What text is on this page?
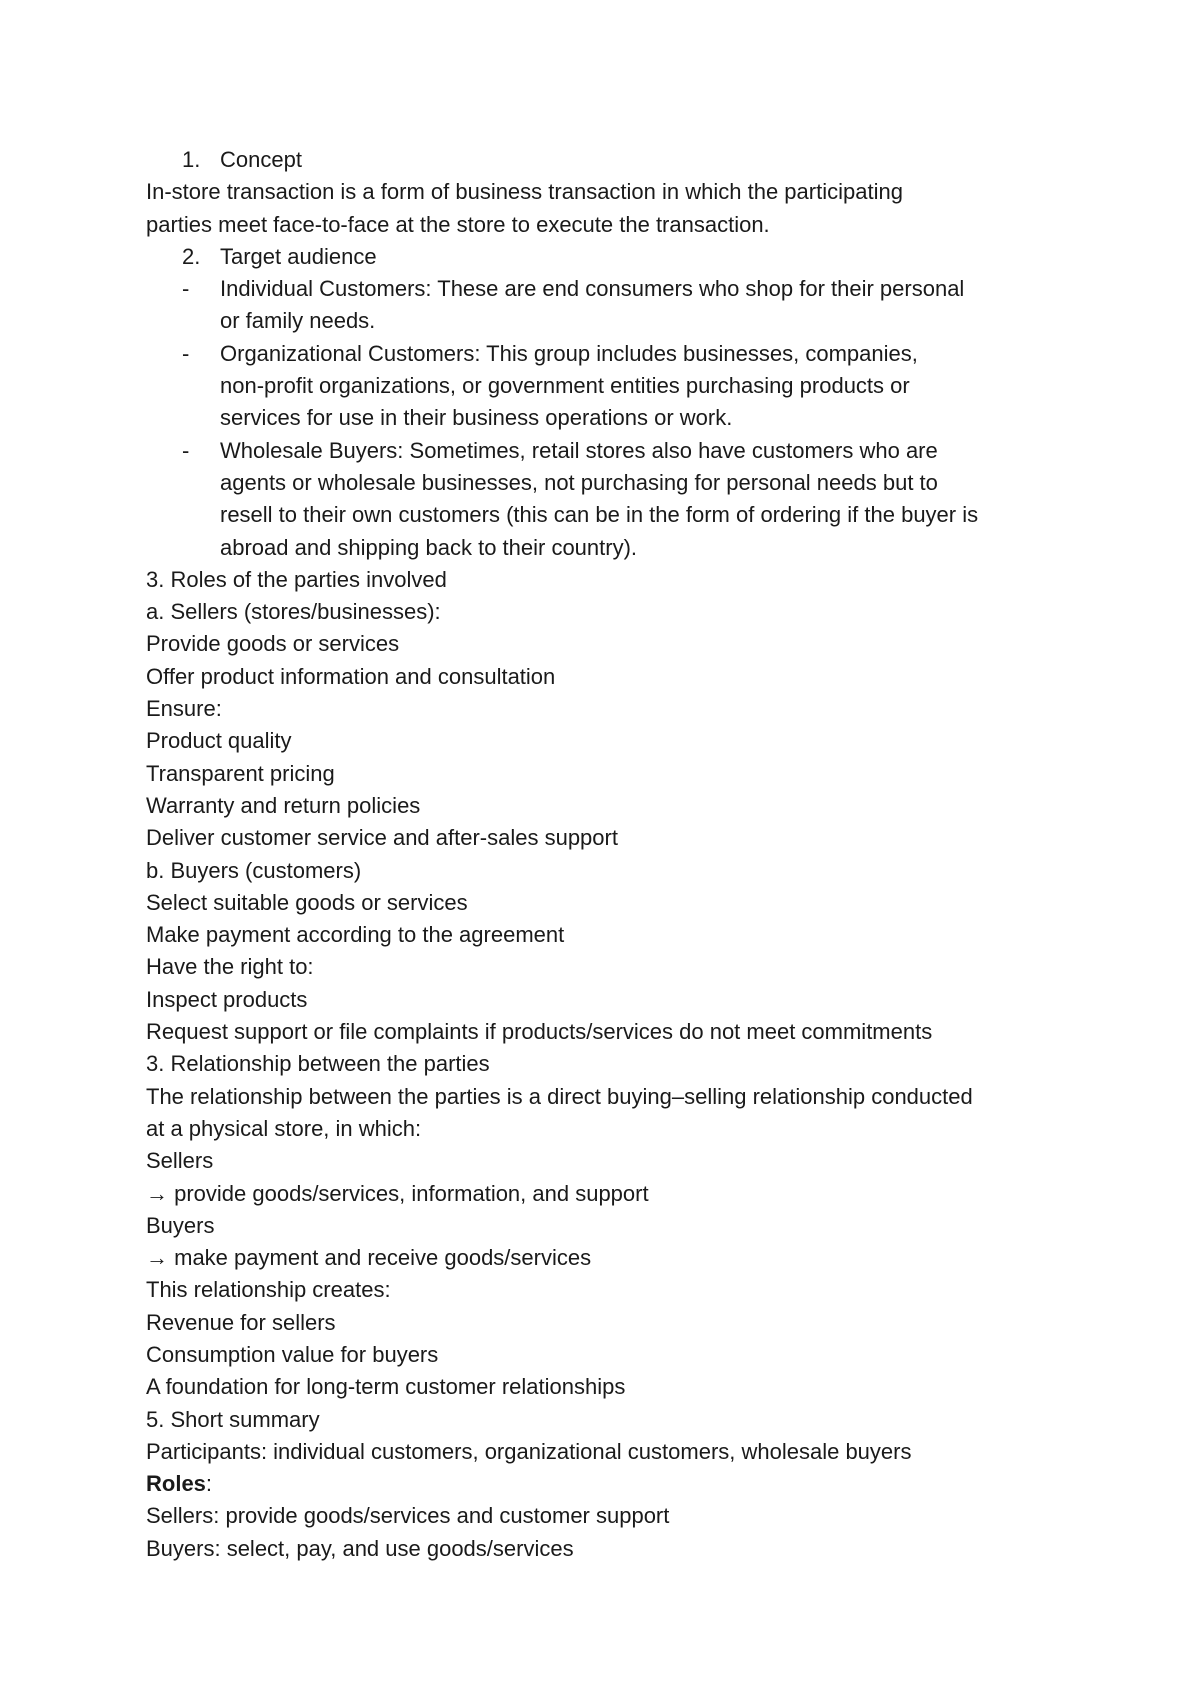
1. Concept
In-store transaction is a form of business transaction in which the participating
parties meet face-to-face at the store to execute the transaction.
2. Target audience
- Individual Customers: These are end consumers who shop for their personal
or family needs.
- Organizational Customers: This group includes businesses, companies,
non-profit organizations, or government entities purchasing products or
services for use in their business operations or work.
- Wholesale Buyers: Sometimes, retail stores also have customers who are
agents or wholesale businesses, not purchasing for personal needs but to
resell to their own customers (this can be in the form of ordering if the buyer is
abroad and shipping back to their country).
3. Roles of the parties involved
a. Sellers (stores/businesses):
Provide goods or services
Offer product information and consultation
Ensure:
Product quality
Transparent pricing
Warranty and return policies
Deliver customer service and after-sales support
b. Buyers (customers)
Select suitable goods or services
Make payment according to the agreement
Have the right to:
Inspect products
Request support or file complaints if products/services do not meet commitments
3. Relationship between the parties
The relationship between the parties is a direct buying–selling relationship conducted
at a physical store, in which:
Sellers
→ provide goods/services, information, and support
Buyers
→ make payment and receive goods/services
This relationship creates:
Revenue for sellers
Consumption value for buyers
A foundation for long-term customer relationships
5. Short summary
Participants: individual customers, organizational customers, wholesale buyers
Roles:
Sellers: provide goods/services and customer support
Buyers: select, pay, and use goods/services
